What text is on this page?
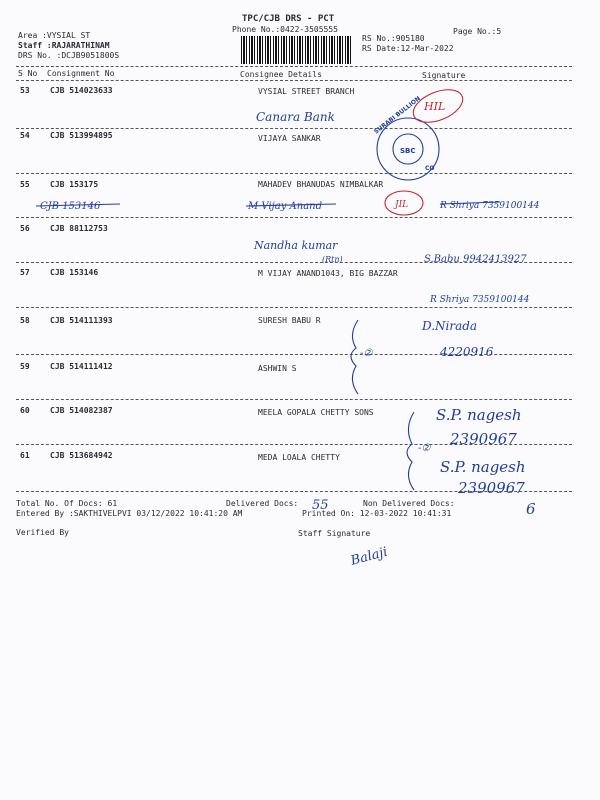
TPC/CJB DRS - PCT
Phone No.:0422-3505555
Area :VYSIAL ST
Staff :RAJARATHINAM
DRS No. :DCJB9051800S
RS No.:905180
RS Date:12-Mar-2022
Page No.:5
S No Consignment No	Consignee Details	Signature
53	CJB 514023633	VYSIAL STREET BRANCH
54	CJB 513994895	VIJAYA SANKAR
55	CJB 153175	MAHADEV BHANUDAS NIMBALKAR
56	CJB 88112753
57	CJB 153146	M VIJAY ANAND1043, BIG BAZZAR
58	CJB 514111393	SURESH BABU R
59	CJB 514111412	ASHWIN S
60	CJB 514082387	MEELA GOPALA CHETTY SONS
61	CJB 513684942	MEDA LOALA CHETTY
Total No. Of Docs: 61	Delivered Docs:	Non Delivered Docs:
Entered By :SAKTHIVELPVI 03/12/2022 10:41:20 AM	Printed On: 12-03-2022 10:41:31
Verified By	Staff Signature
SURABI BULLION
SBC
CO
Canara Bank
CJB 153146	M Vijay Anand	R Shriya 7359100144
Nandha kumar
(Rtn)	S.Babu 9942413927
R Shriya 7359100144
D.Nirada
4220916
-②
S.P. nagesh
2390967
-②
S.P. nagesh
2390967
55	6
Balaji
HIL
JIL
